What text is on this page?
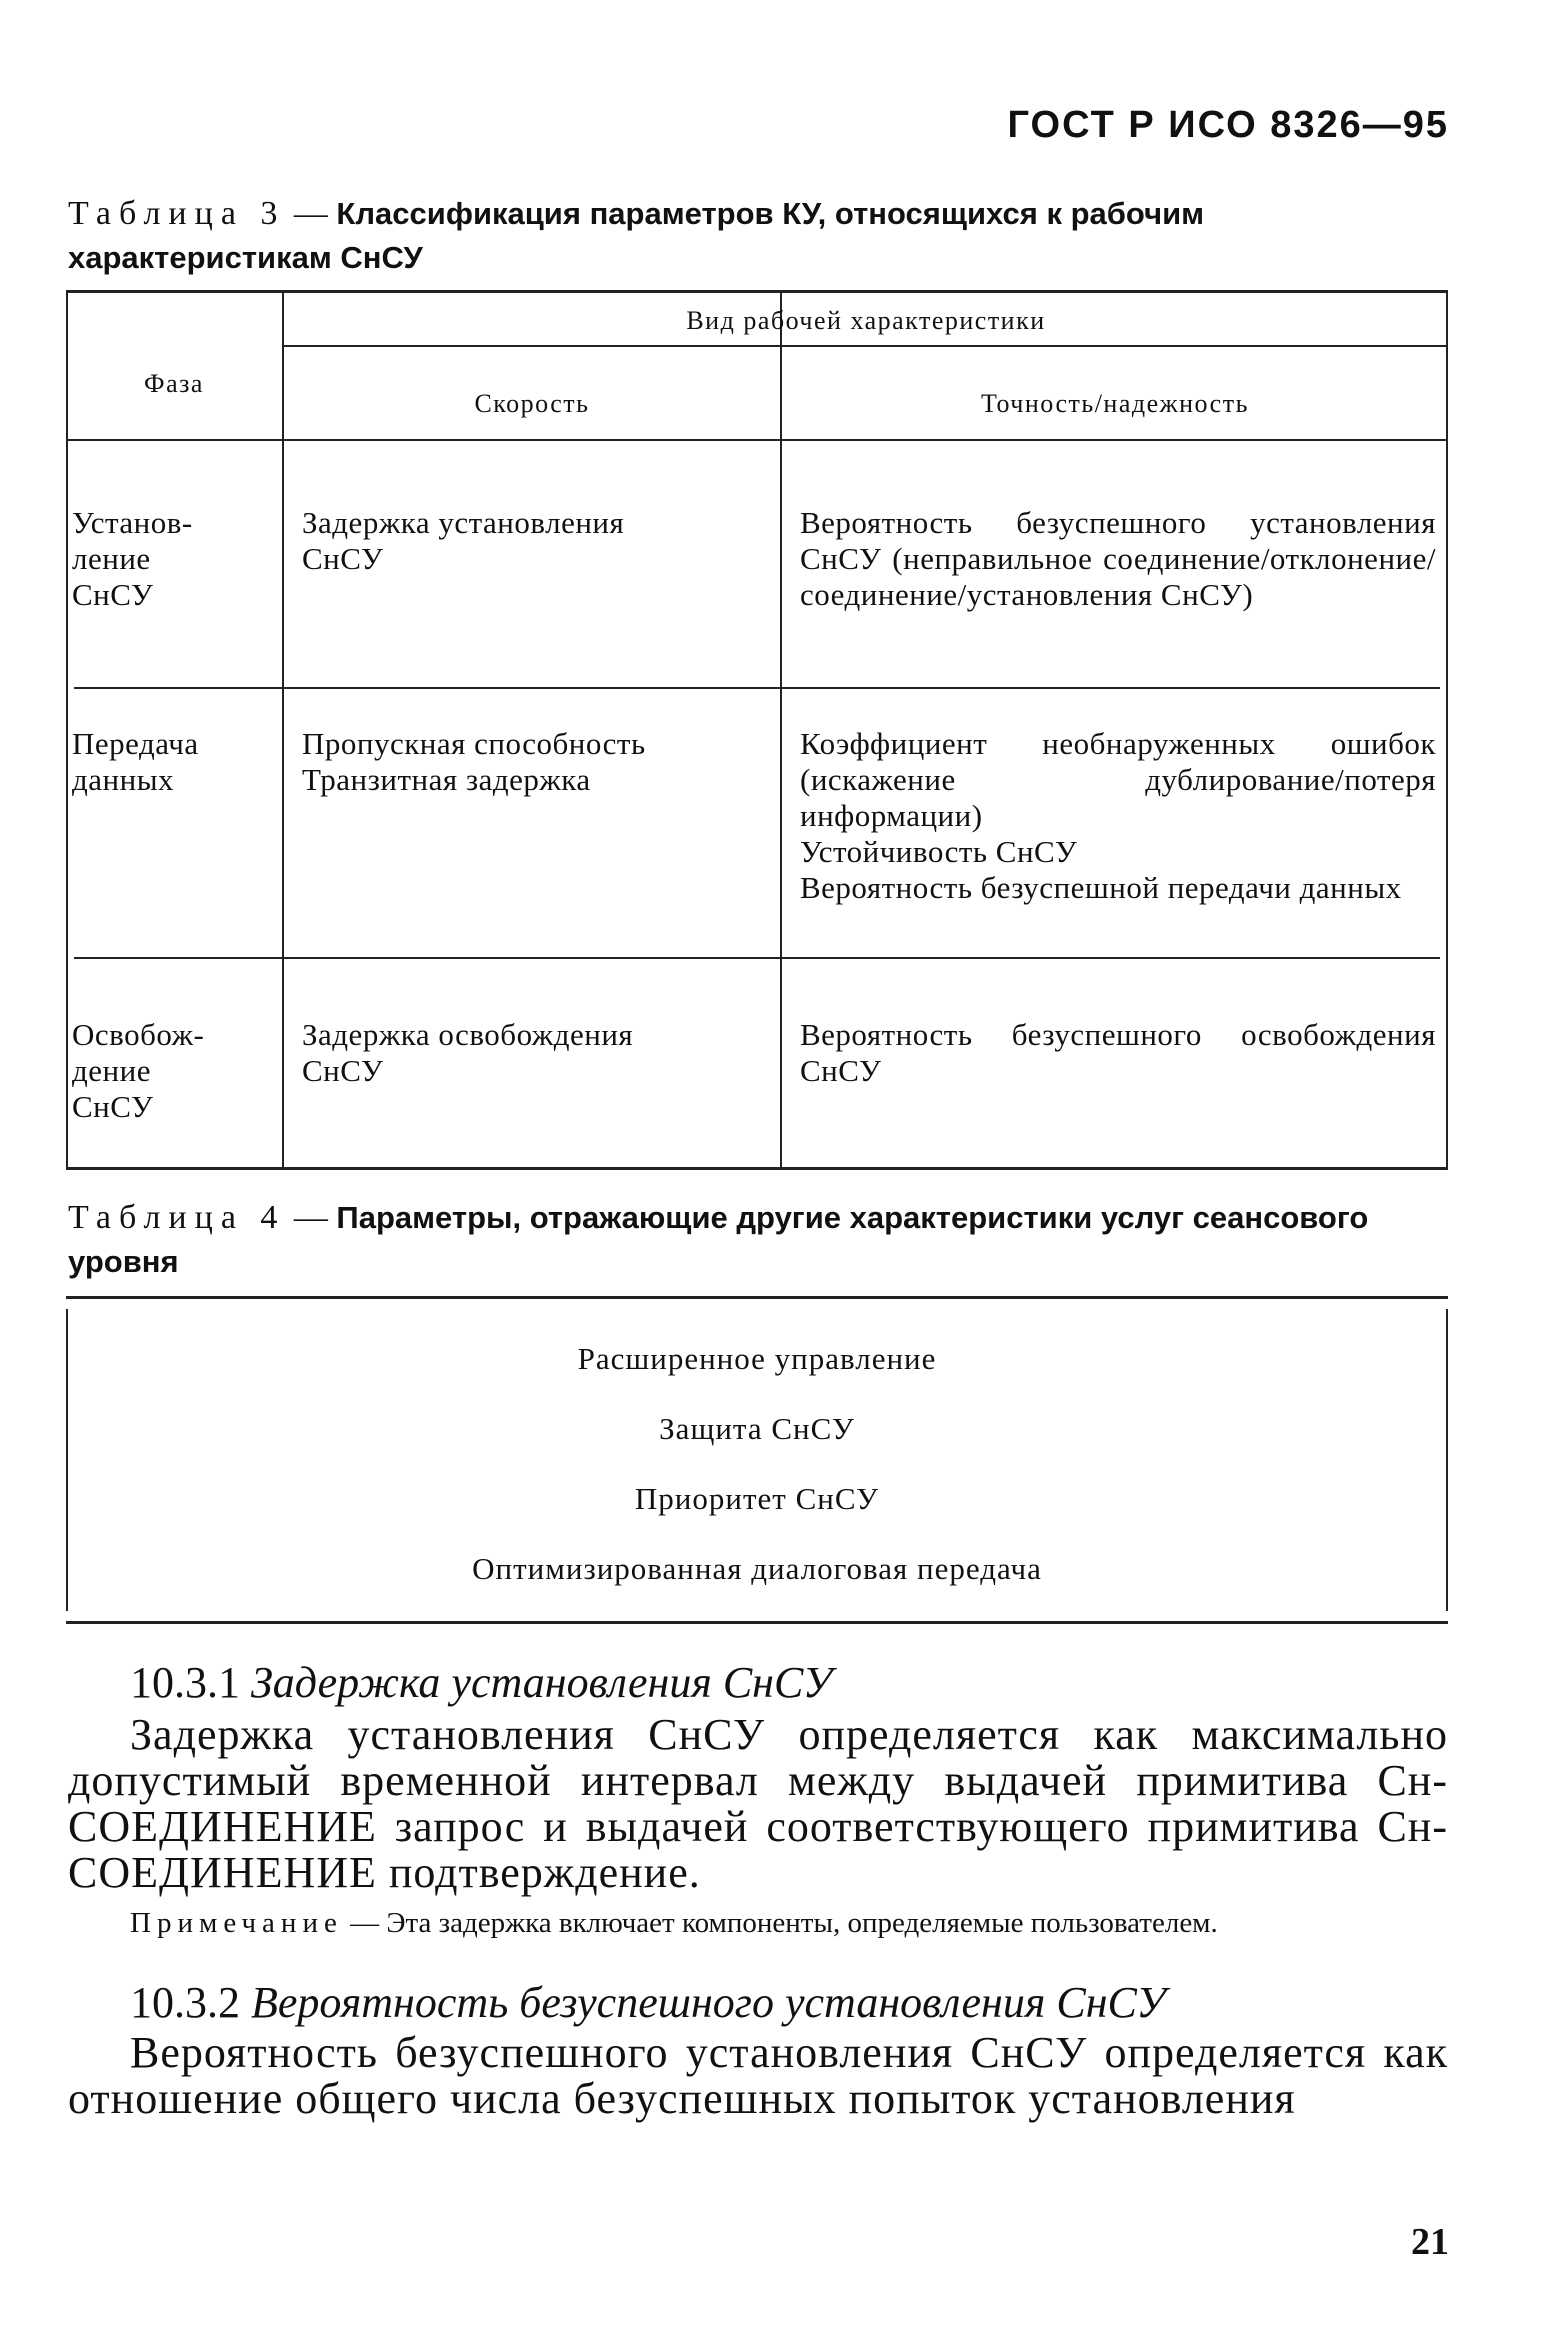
ГОСТ Р ИСО 8326—95
Таблица 3 — Классификация параметров КУ, относящихся к рабочим характеристикам СнСУ
Фаза
Вид рабочей характеристики
Скорость	Точность/надежность
Установ-
ление
СнСУ
Задержка установления
СнСУ
Вероятность безуспешного установления СнСУ (неправильное соединение/отклонение/соединение/установления СнСУ)
Передача
данных
Пропускная способность
Транзитная задержка
Коэффициент необнаруженных ошибок (искажение дублирование/потеря информации)
Устойчивость СнСУ
Вероятность безуспешной передачи данных
Освобож-
дение
СнСУ
Задержка освобождения
СнСУ
Вероятность безуспешного освобождения СнСУ
Таблица 4 — Параметры, отражающие другие характеристики услуг сеансового уровня
Расширенное управление
Защита СнСУ
Приоритет СнСУ
Оптимизированная диалоговая передача
10.3.1 Задержка установления СнСУ
Задержка установления СнСУ определяется как максимально допустимый временной интервал между выдачей примитива Сн-СОЕДИНЕНИЕ запрос и выдачей соответствующего примитива Сн-СОЕДИНЕНИЕ подтверждение.
Примечание — Эта задержка включает компоненты, определяемые пользователем.
10.3.2 Вероятность безуспешного установления СнСУ
Вероятность безуспешного установления СнСУ определяется как отношение общего числа безуспешных попыток установления
21
